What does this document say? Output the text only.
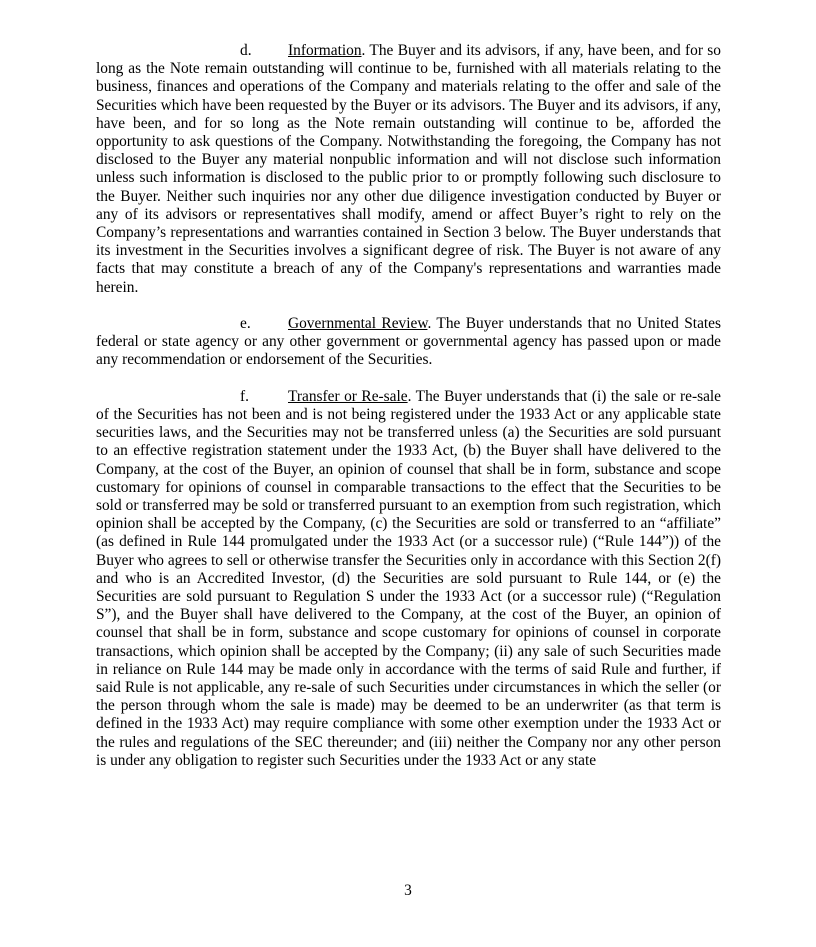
d. Information. The Buyer and its advisors, if any, have been, and for so long as the Note remain outstanding will continue to be, furnished with all materials relating to the business, finances and operations of the Company and materials relating to the offer and sale of the Securities which have been requested by the Buyer or its advisors. The Buyer and its advisors, if any, have been, and for so long as the Note remain outstanding will continue to be, afforded the opportunity to ask questions of the Company. Notwithstanding the foregoing, the Company has not disclosed to the Buyer any material nonpublic information and will not disclose such information unless such information is disclosed to the public prior to or promptly following such disclosure to the Buyer. Neither such inquiries nor any other due diligence investigation conducted by Buyer or any of its advisors or representatives shall modify, amend or affect Buyer’s right to rely on the Company’s representations and warranties contained in Section 3 below. The Buyer understands that its investment in the Securities involves a significant degree of risk. The Buyer is not aware of any facts that may constitute a breach of any of the Company's representations and warranties made herein.

e. Governmental Review. The Buyer understands that no United States federal or state agency or any other government or governmental agency has passed upon or made any recommendation or endorsement of the Securities.

f.	Transfer or Re-sale. The Buyer understands that (i) the sale or re-sale of the Securities has not been and is not being registered under the 1933 Act or any applicable state securities laws, and the Securities may not be transferred unless (a) the Securities are sold pursuant to an effective registration statement under the 1933 Act, (b) the Buyer shall have delivered to the Company, at the cost of the Buyer, an opinion of counsel that shall be in form, substance and scope customary for opinions of counsel in comparable transactions to the effect that the Securities to be sold or transferred may be sold or transferred pursuant to an exemption from such registration, which opinion shall be accepted by the Company, (c) the Securities are sold or transferred to an “affiliate” (as defined in Rule 144 promulgated under the 1933 Act (or a successor rule) (“Rule 144”)) of the Buyer who agrees to sell or otherwise transfer the Securities only in accordance with this Section 2(f) and who is an Accredited Investor, (d) the Securities are sold pursuant to Rule 144, or (e) the Securities are sold pursuant to Regulation S under the 1933 Act (or a successor rule) (“Regulation S”), and the Buyer shall have delivered to the Company, at the cost of the Buyer, an opinion of counsel that shall be in form, substance and scope customary for opinions of counsel in corporate transactions, which opinion shall be accepted by the Company; (ii) any sale of such Securities made in reliance on Rule 144 may be made only in accordance with the terms of said Rule and further, if said Rule is not applicable, any re-sale of such Securities under circumstances in which the seller (or the person through whom the sale is made) may be deemed to be an underwriter (as that term is defined in the 1933 Act) may require compliance with some other exemption under the 1933 Act or the rules and regulations of the SEC thereunder; and (iii) neither the Company nor any other person is under any obligation to register such Securities under the 1933 Act or any state

3
